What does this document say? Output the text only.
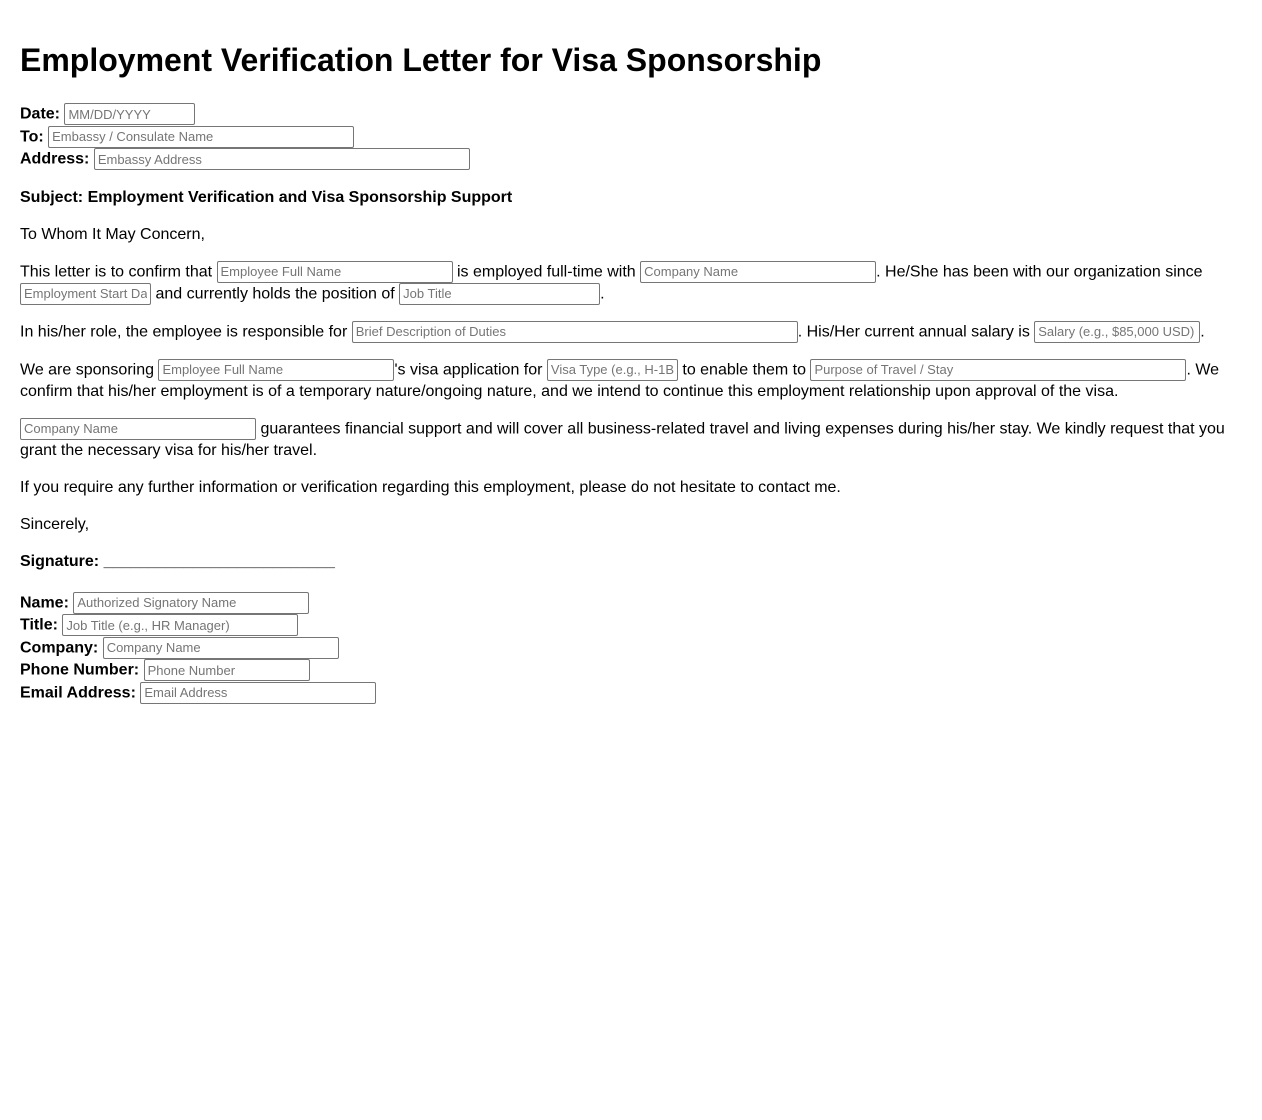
Employment Verification Letter for Visa Sponsorship
Date: MM/DD/YYYY
To: Embassy / Consulate Name
Address: Embassy Address

Subject: Employment Verification and Visa Sponsorship Support

To Whom It May Concern,

This letter is to confirm that Employee Full Name	is employed full-time with Company Name	. He/She has been with our organization since Employment Start Date and currently holds the position of Job Title	.

In his/her role, the employee is responsible for Brief Description of Duties	. His/Her current annual salary is Salary (e.g., $85,000 USD)	.

We are sponsoring Employee Full Name	's visa application for Visa Type (e.g., H-1B, L-1)	to enable them to Purpose of Travel / Stay	. We confirm that his/her employment is of a temporary nature/ongoing nature, and we intend to continue this employment relationship upon approval of the visa.

Company Name guarantees financial support and will cover all business-related travel and living expenses during his/her stay. We kindly request that you grant the necessary visa for his/her travel.

If you require any further information or verification regarding this employment, please do not hesitate to contact me.

Sincerely,

Signature: __________________________

Name: Authorized Signatory Name
Title: Job Title (e.g., HR Manager)
Company: Company Name
Phone Number: Phone Number
Email Address: Email Address
